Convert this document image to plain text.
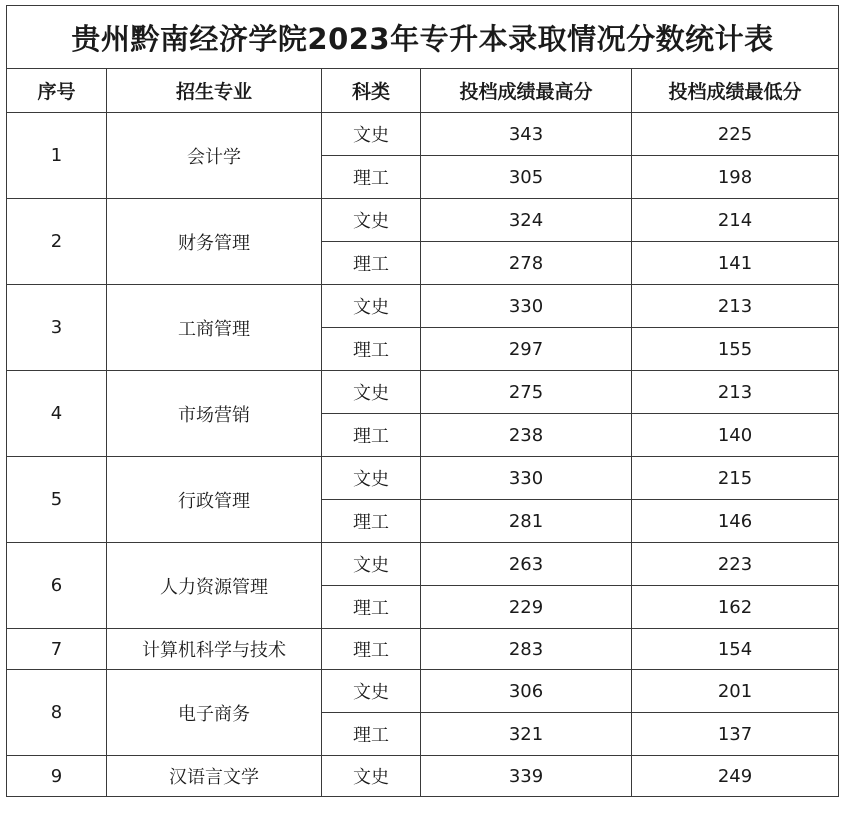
贵州黔南经济学院2023年专升本录取情况分数统计表				
序号	招生专业	科类	投档成绩最高分	投档成绩最低分
1	会计学	文史	343	225
		理工	305	198
2	财务管理	文史	324	214
		理工	278	141
3	工商管理	文史	330	213
		理工	297	155
4	市场营销	文史	275	213
		理工	238	140
5	行政管理	文史	330	215
		理工	281	146
6	人力资源管理	文史	263	223
		理工	229	162
7	计算机科学与技术	理工	283	154
8	电子商务	文史	306	201
		理工	321	137
9	汉语言文学	文史	339	249
